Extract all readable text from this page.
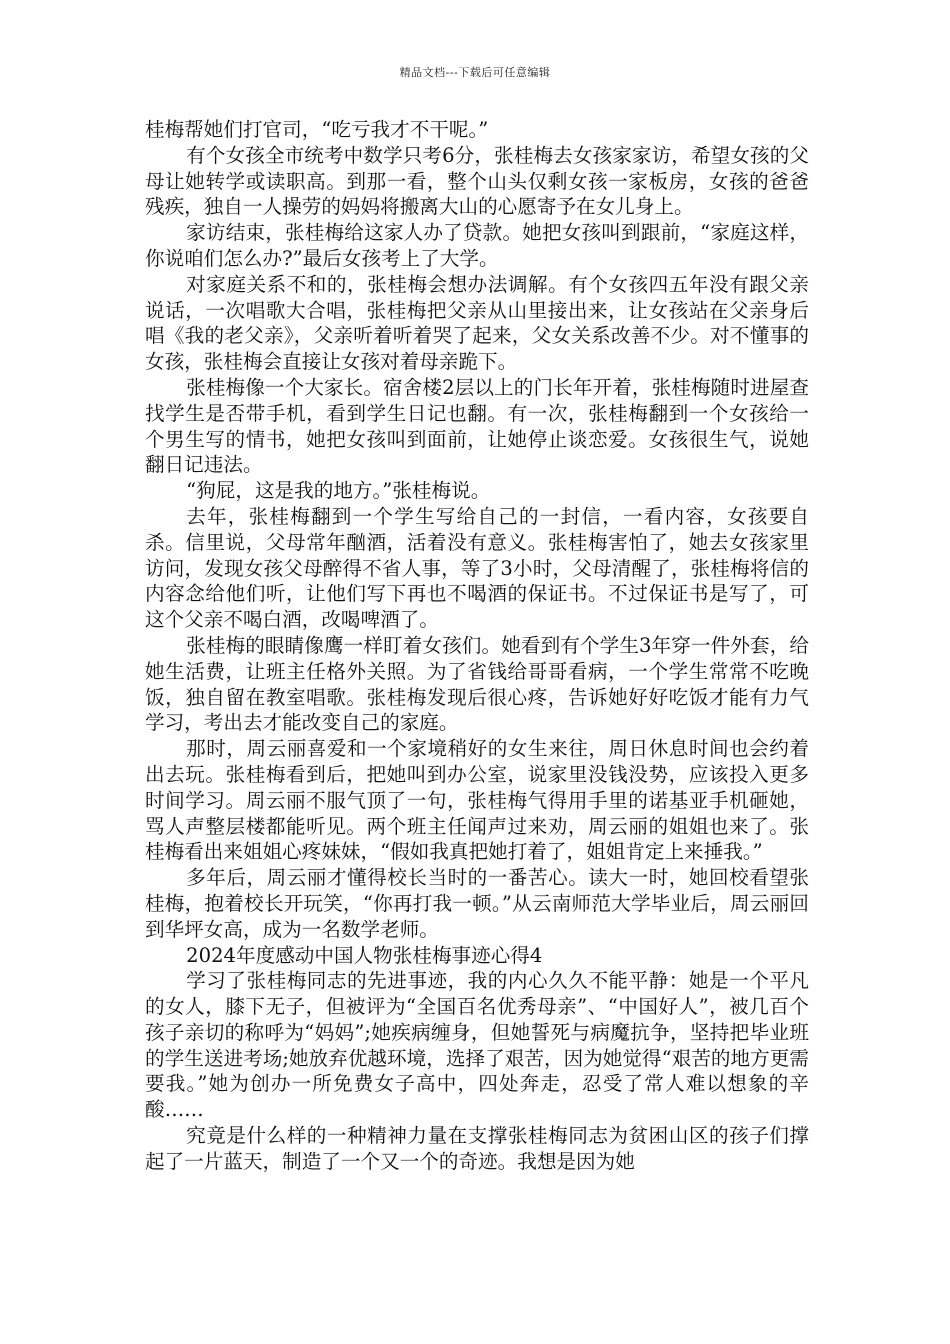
精品文档---下载后可任意编辑

桂梅帮她们打官司，“吃亏我才不干呢。”

有个女孩全市统考中数学只考6分，张桂梅去女孩家家访，希望女孩的父母让她转学或读职高。到那一看，整个山头仅剩女孩一家板房，女孩的爸爸残疾，独自一人操劳的妈妈将搬离大山的心愿寄予在女儿身上。

家访结束，张桂梅给这家人办了贷款。她把女孩叫到跟前，“家庭这样，你说咱们怎么办?”最后女孩考上了大学。

对家庭关系不和的，张桂梅会想办法调解。有个女孩四五年没有跟父亲说话，一次唱歌大合唱，张桂梅把父亲从山里接出来，让女孩站在父亲身后唱《我的老父亲》，父亲听着听着哭了起来，父女关系改善不少。对不懂事的女孩，张桂梅会直接让女孩对着母亲跪下。

张桂梅像一个大家长。宿舍楼2层以上的门长年开着，张桂梅随时进屋查找学生是否带手机，看到学生日记也翻。有一次，张桂梅翻到一个女孩给一个男生写的情书，她把女孩叫到面前，让她停止谈恋爱。女孩很生气，说她翻日记违法。

“狗屁，这是我的地方。”张桂梅说。

去年，张桂梅翻到一个学生写给自己的一封信，一看内容，女孩要自杀。信里说，父母常年酗酒，活着没有意义。张桂梅害怕了，她去女孩家里访问，发现女孩父母醉得不省人事，等了3小时，父母清醒了，张桂梅将信的内容念给他们听，让他们写下再也不喝酒的保证书。不过保证书是写了，可这个父亲不喝白酒，改喝啤酒了。

张桂梅的眼睛像鹰一样盯着女孩们。她看到有个学生3年穿一件外套，给她生活费，让班主任格外关照。为了省钱给哥哥看病，一个学生常常不吃晚饭，独自留在教室唱歌。张桂梅发现后很心疼，告诉她好好吃饭才能有力气学习，考出去才能改变自己的家庭。

那时，周云丽喜爱和一个家境稍好的女生来往，周日休息时间也会约着出去玩。张桂梅看到后，把她叫到办公室，说家里没钱没势，应该投入更多时间学习。周云丽不服气顶了一句，张桂梅气得用手里的诺基亚手机砸她，骂人声整层楼都能听见。两个班主任闻声过来劝，周云丽的姐姐也来了。张桂梅看出来姐姐心疼妹妹，“假如我真把她打着了，姐姐肯定上来捶我。”

多年后，周云丽才懂得校长当时的一番苦心。读大一时，她回校看望张桂梅，抱着校长开玩笑，“你再打我一顿。”从云南师范大学毕业后，周云丽回到华坪女高，成为一名数学老师。

2024年度感动中国人物张桂梅事迹心得4

学习了张桂梅同志的先进事迹，我的内心久久不能平静：她是一个平凡的女人，膝下无子，但被评为“全国百名优秀母亲”、“中国好人”，被几百个孩子亲切的称呼为“妈妈”;她疾病缠身，但她誓死与病魔抗争，坚持把毕业班的学生送进考场;她放弃优越环境，选择了艰苦，因为她觉得“艰苦的地方更需要我。”她为创办一所免费女子高中，四处奔走，忍受了常人难以想象的辛酸……

究竟是什么样的一种精神力量在支撑张桂梅同志为贫困山区的孩子们撑起了一片蓝天，制造了一个又一个的奇迹。我想是因为她
